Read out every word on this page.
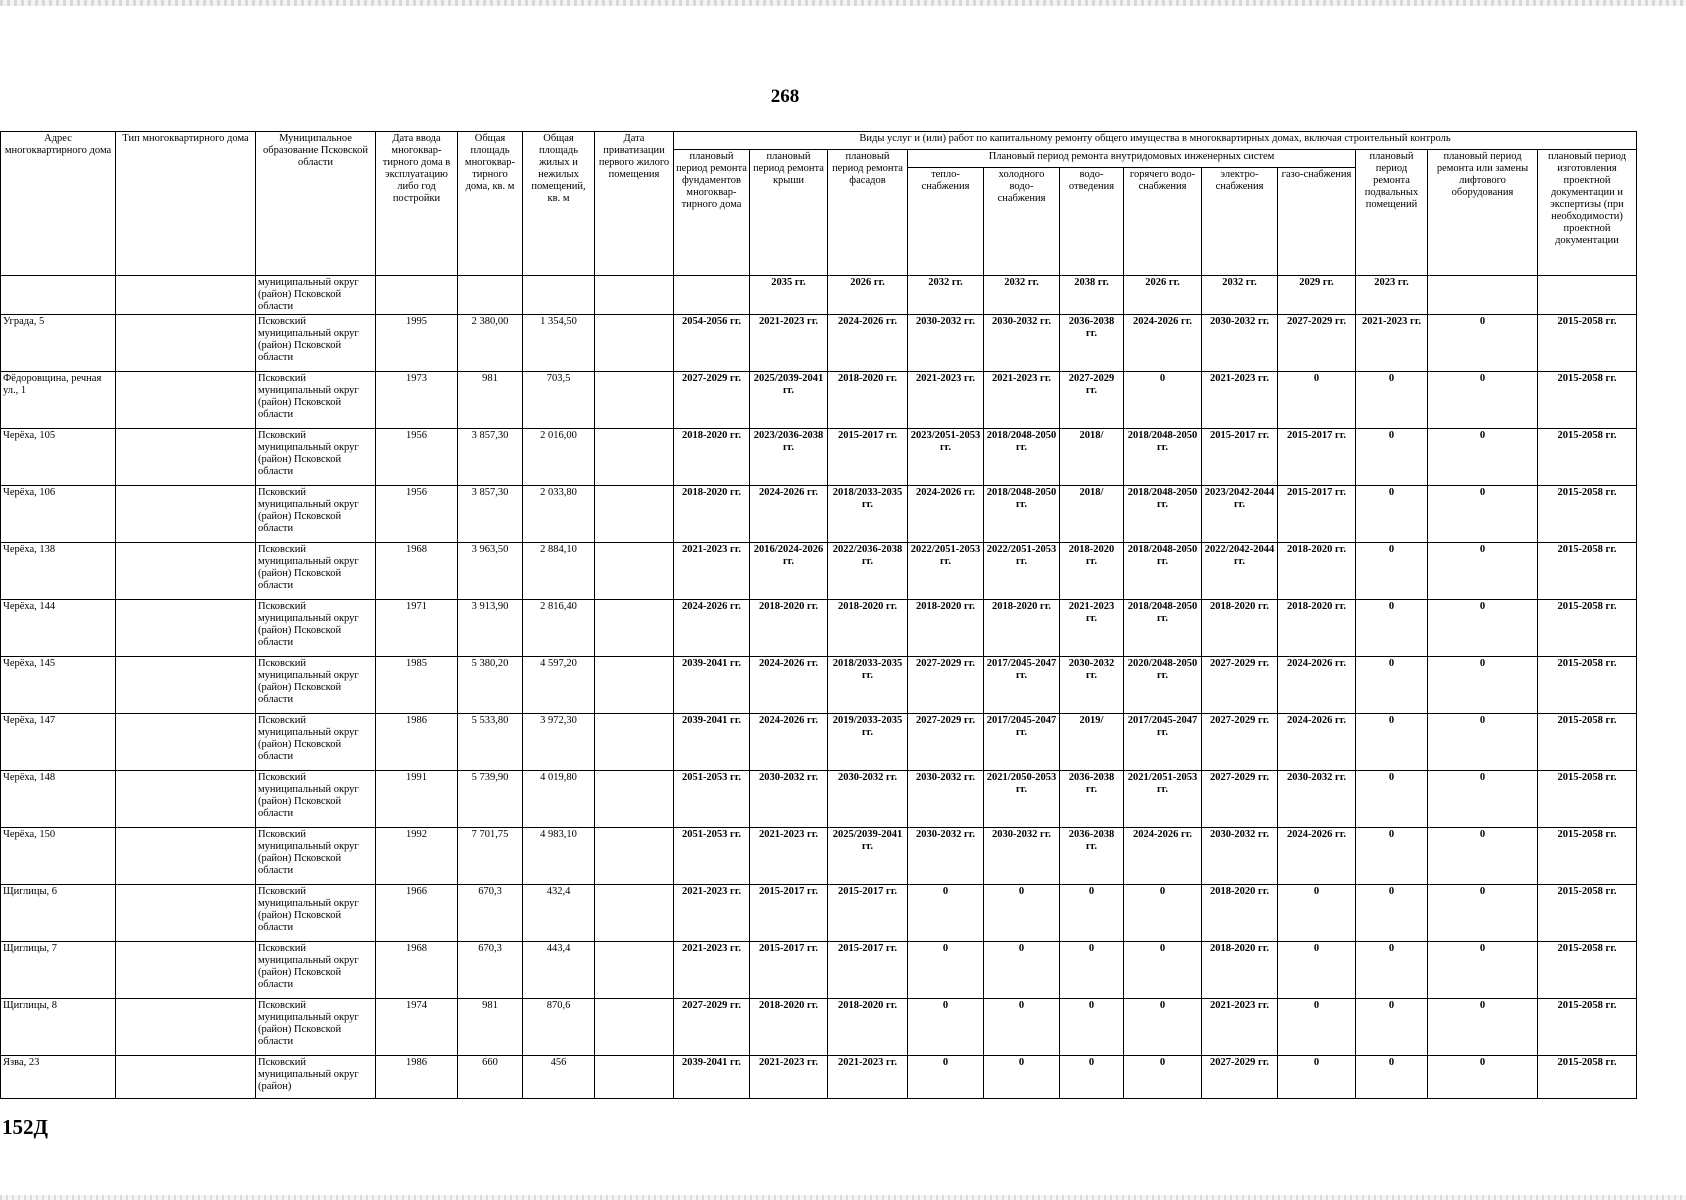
268
Адрес многоквартирного дома	Тип многоквартирного дома	Муниципальное образование Псковской области	Дата ввода многоквар-тирного дома в эксплуатацию либо год постройки	Общая площадь многоквар-тирного дома, кв. м	Общая площадь жилых и нежилых помещений, кв. м	Дата приватизации первого жилого помещения	Виды услуг и (или) работ по капитальному ремонту общего имущества в многоквартирных домах, включая строительный контроль											
							плановый период ремонта фундаментов многоквар-тирного дома	плановый период ремонта крыши	плановый период ремонта фасадов	Плановый период ремонта внутридомовых инженерных систем						плановый период ремонта подвальных помещений	плановый период ремонта или замены лифтового оборудования	плановый период изготовления проектной документации и экспертизы (при необходимости) проектной документации
										тепло-снабжения	холодного водо-снабжения	водо-отведения	горячего водо-снабжения	электро-снабжения	газо-снабжения			
		муниципальный округ (район) Псковской области						2035 гг.	2026 гг.	2032 гг.	2032 гг.	2038 гг.	2026 гг.	2032 гг.	2029 гг.	2023 гг.		
Уграда, 5		Псковский муниципальный округ (район) Псковской области	1995	2 380,00	1 354,50		2054-2056 гг.	2021-2023 гг.	2024-2026 гг.	2030-2032 гг.	2030-2032 гг.	2036-2038 гг.	2024-2026 гг.	2030-2032 гг.	2027-2029 гг.	2021-2023 гг.	0	2015-2058 гг.
Фёдоровщина, речная ул., 1		Псковский муниципальный округ (район) Псковской области	1973	981	703,5		2027-2029 гг.	2025/2039-2041 гг.	2018-2020 гг.	2021-2023 гг.	2021-2023 гг.	2027-2029 гг.	0	2021-2023 гг.	0	0	0	2015-2058 гг.
Черёха, 105		Псковский муниципальный округ (район) Псковской области	1956	3 857,30	2 016,00		2018-2020 гг.	2023/2036-2038 гг.	2015-2017 гг.	2023/2051-2053 гг.	2018/2048-2050 гг.	2018/	2018/2048-2050 гг.	2015-2017 гг.	2015-2017 гг.	0	0	2015-2058 гг.
Черёха, 106		Псковский муниципальный округ (район) Псковской области	1956	3 857,30	2 033,80		2018-2020 гг.	2024-2026 гг.	2018/2033-2035 гг.	2024-2026 гг.	2018/2048-2050 гг.	2018/	2018/2048-2050 гг.	2023/2042-2044 гг.	2015-2017 гг.	0	0	2015-2058 гг.
Черёха, 138		Псковский муниципальный округ (район) Псковской области	1968	3 963,50	2 884,10		2021-2023 гг.	2016/2024-2026 гг.	2022/2036-2038 гг.	2022/2051-2053 гг.	2022/2051-2053 гг.	2018-2020 гг.	2018/2048-2050 гг.	2022/2042-2044 гг.	2018-2020 гг.	0	0	2015-2058 гг.
Черёха, 144		Псковский муниципальный округ (район) Псковской области	1971	3 913,90	2 816,40		2024-2026 гг.	2018-2020 гг.	2018-2020 гг.	2018-2020 гг.	2018-2020 гг.	2021-2023 гг.	2018/2048-2050 гг.	2018-2020 гг.	2018-2020 гг.	0	0	2015-2058 гг.
Черёха, 145		Псковский муниципальный округ (район) Псковской области	1985	5 380,20	4 597,20		2039-2041 гг.	2024-2026 гг.	2018/2033-2035 гг.	2027-2029 гг.	2017/2045-2047 гг.	2030-2032 гг.	2020/2048-2050 гг.	2027-2029 гг.	2024-2026 гг.	0	0	2015-2058 гг.
Черёха, 147		Псковский муниципальный округ (район) Псковской области	1986	5 533,80	3 972,30		2039-2041 гг.	2024-2026 гг.	2019/2033-2035 гг.	2027-2029 гг.	2017/2045-2047 гг.	2019/	2017/2045-2047 гг.	2027-2029 гг.	2024-2026 гг.	0	0	2015-2058 гг.
Черёха, 148		Псковский муниципальный округ (район) Псковской области	1991	5 739,90	4 019,80		2051-2053 гг.	2030-2032 гг.	2030-2032 гг.	2030-2032 гг.	2021/2050-2053 гг.	2036-2038 гг.	2021/2051-2053 гг.	2027-2029 гг.	2030-2032 гг.	0	0	2015-2058 гг.
Черёха, 150		Псковский муниципальный округ (район) Псковской области	1992	7 701,75	4 983,10		2051-2053 гг.	2021-2023 гг.	2025/2039-2041 гг.	2030-2032 гг.	2030-2032 гг.	2036-2038 гг.	2024-2026 гг.	2030-2032 гг.	2024-2026 гг.	0	0	2015-2058 гг.
Щиглицы, 6		Псковский муниципальный округ (район) Псковской области	1966	670,3	432,4		2021-2023 гг.	2015-2017 гг.	2015-2017 гг.	0	0	0	0	2018-2020 гг.	0	0	0	2015-2058 гг.
Щиглицы, 7		Псковский муниципальный округ (район) Псковской области	1968	670,3	443,4		2021-2023 гг.	2015-2017 гг.	2015-2017 гг.	0	0	0	0	2018-2020 гг.	0	0	0	2015-2058 гг.
Щиглицы, 8		Псковский муниципальный округ (район) Псковской области	1974	981	870,6		2027-2029 гг.	2018-2020 гг.	2018-2020 гг.	0	0	0	0	2021-2023 гг.	0	0	0	2015-2058 гг.
Язва, 23		Псковский муниципальный округ (район)	1986	660	456		2039-2041 гг.	2021-2023 гг.	2021-2023 гг.	0	0	0	0	2027-2029 гг.	0	0	0	2015-2058 гг.
152Д
